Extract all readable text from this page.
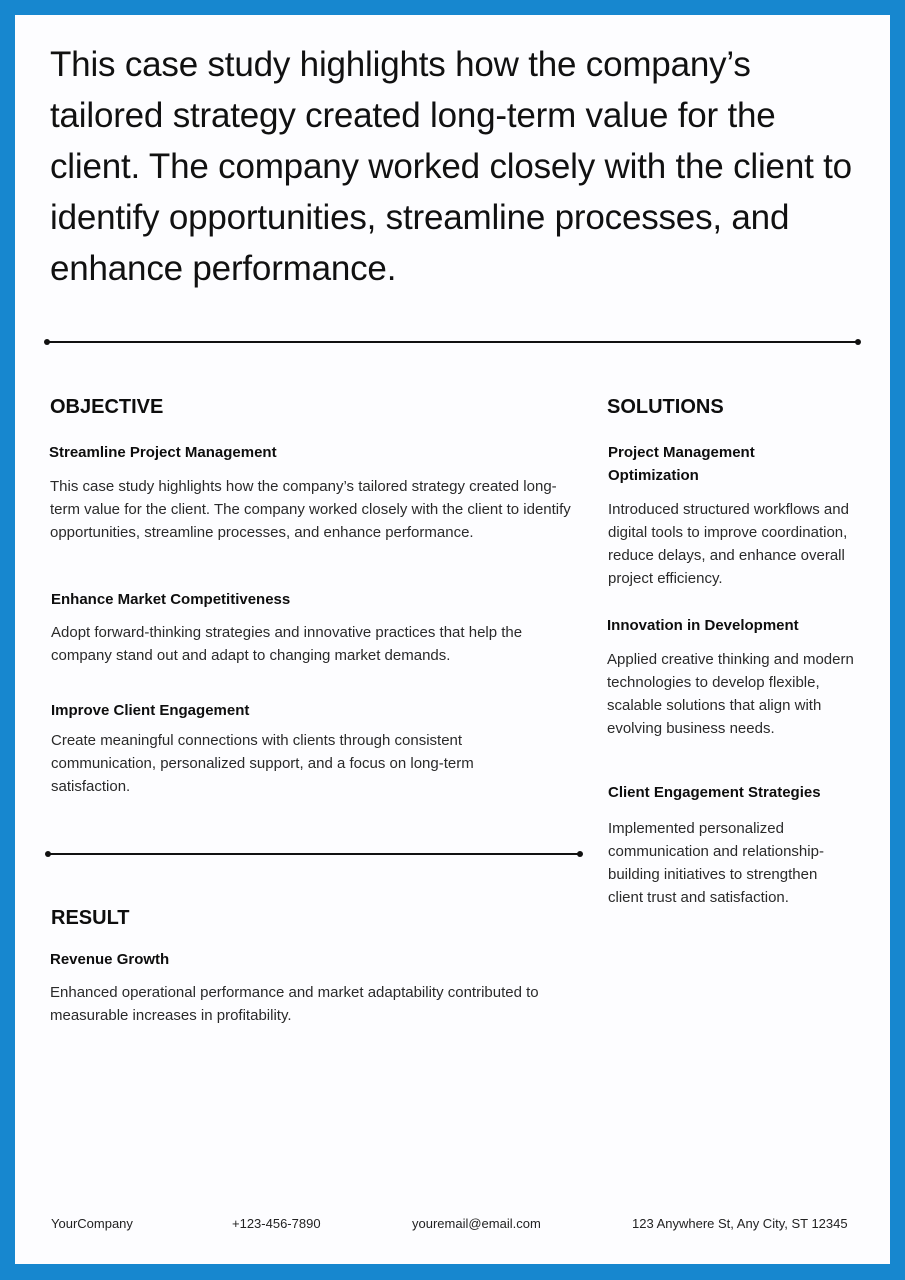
This case study highlights how the company’s tailored strategy created long-term value for the client. The company worked closely with the client to identify opportunities, streamline processes, and enhance performance.

OBJECTIVE
Streamline Project Management

This case study highlights how the company’s tailored strategy created long-term value for the client. The company worked closely with the client to identify opportunities, streamline processes, and enhance performance.

Enhance Market Competitiveness

Adopt forward-thinking strategies and innovative practices that help the company stand out and adapt to changing market demands.

Improve Client Engagement

Create meaningful connections with clients through consistent communication, personalized support, and a focus on long-term satisfaction.

RESULT
Revenue Growth

Enhanced operational performance and market adaptability contributed to measurable increases in profitability.

SOLUTIONS
Project Management Optimization

Introduced structured workflows and digital tools to improve coordination, reduce delays, and enhance overall project efficiency.

Innovation in Development

Applied creative thinking and modern technologies to develop flexible, scalable solutions that align with evolving business needs.

Client Engagement Strategies

Implemented personalized communication and relationship-building initiatives to strengthen client trust and satisfaction.

YourCompany	+123-456-7890	youremail@email.com	123 Anywhere St, Any City, ST 12345
